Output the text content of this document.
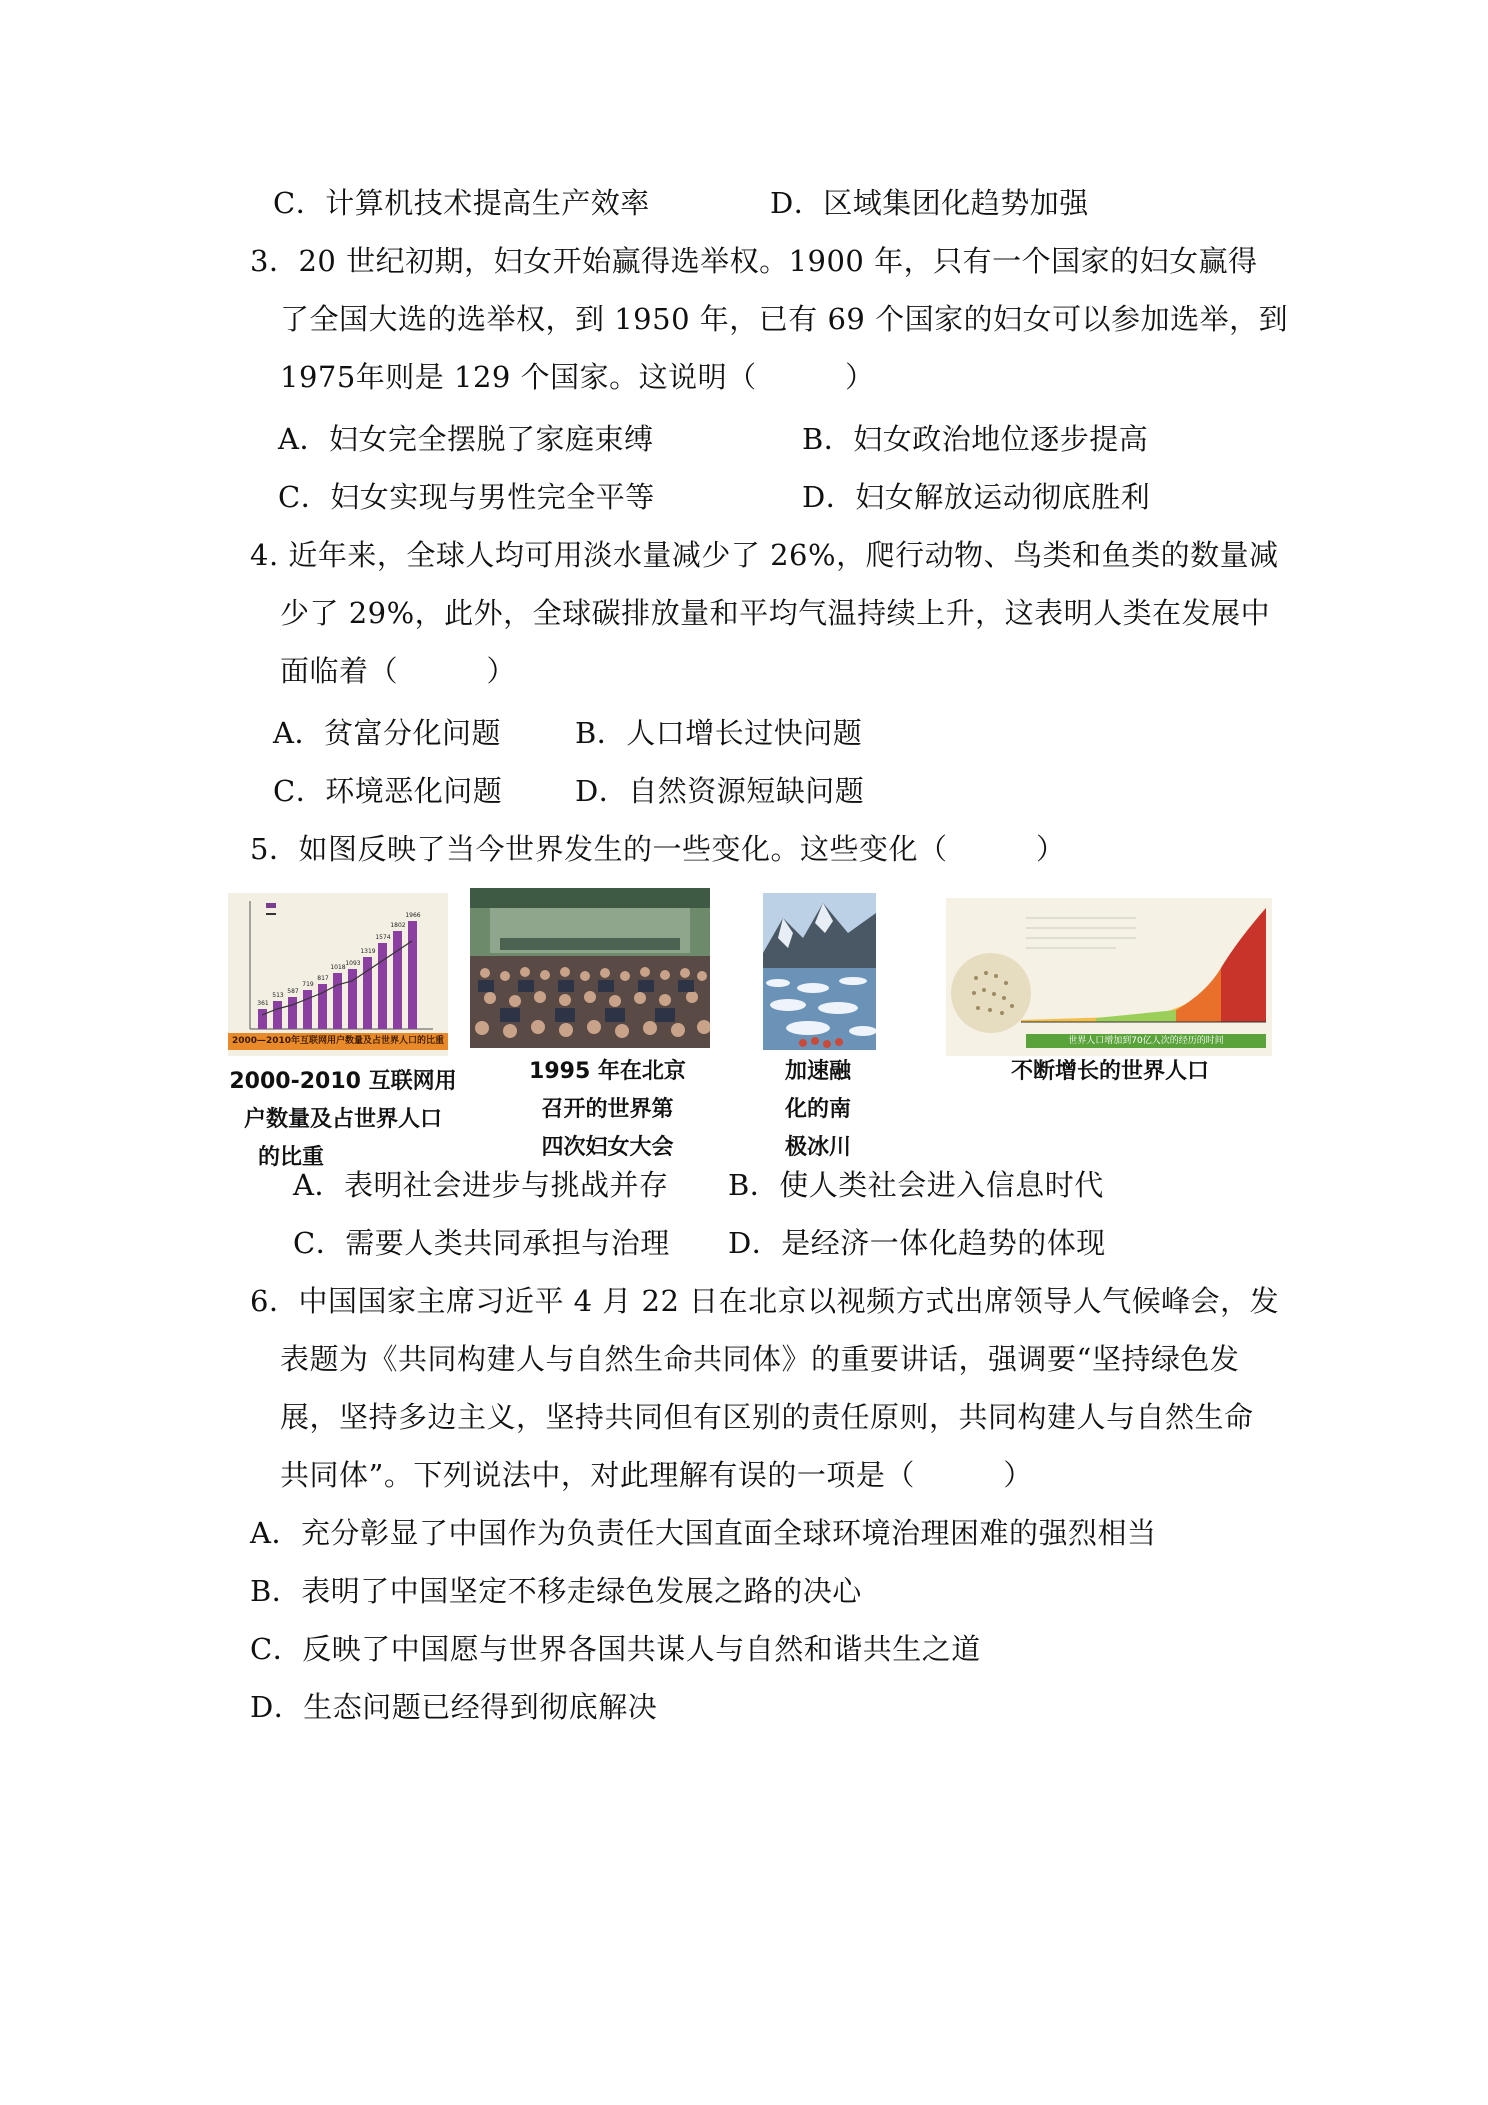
C．计算机技术提高生产效率	D．区域集团化趋势加强
3．20 世纪初期，妇女开始赢得选举权。1900 年，只有一个国家的妇女赢得
了全国大选的选举权，到 1950 年，已有 69 个国家的妇女可以参加选举，到
1975年则是 129 个国家。这说明（　　　）
A．妇女完全摆脱了家庭束缚	B．妇女政治地位逐步提高
C．妇女实现与男性完全平等	D．妇女解放运动彻底胜利
4. 近年来，全球人均可用淡水量减少了 26%，爬行动物、鸟类和鱼类的数量减
少了 29%，此外，全球碳排放量和平均气温持续上升，这表明人类在发展中
面临着（　　　）
A．贫富分化问题	B．人口增长过快问题
C．环境恶化问题	D．自然资源短缺问题
5．如图反映了当今世界发生的一些变化。这些变化（　　　）
2000—2010年互联网用户数量及占世界人口的比重
361
513
587
719
817
1018
1093
1319
1574
1802
1966
世界人口增加到70亿人次的经历的时间
2000-2010 互联网用
户数量及占世界人口
的比重
1995 年在北京
召开的世界第
四次妇女大会
加速融
化的南
极冰川
不断增长的世界人口
A．表明社会进步与挑战并存 B．使人类社会进入信息时代
C．需要人类共同承担与治理 D．是经济一体化趋势的体现
6．中国国家主席习近平 4 月 22 日在北京以视频方式出席领导人气候峰会，发
表题为《共同构建人与自然生命共同体》的重要讲话，强调要“坚持绿色发
展，坚持多边主义，坚持共同但有区别的责任原则，共同构建人与自然生命
共同体”。下列说法中，对此理解有误的一项是（　　　）
A．充分彰显了中国作为负责任大国直面全球环境治理困难的强烈相当
B．表明了中国坚定不移走绿色发展之路的决心
C．反映了中国愿与世界各国共谋人与自然和谐共生之道
D．生态问题已经得到彻底解决
